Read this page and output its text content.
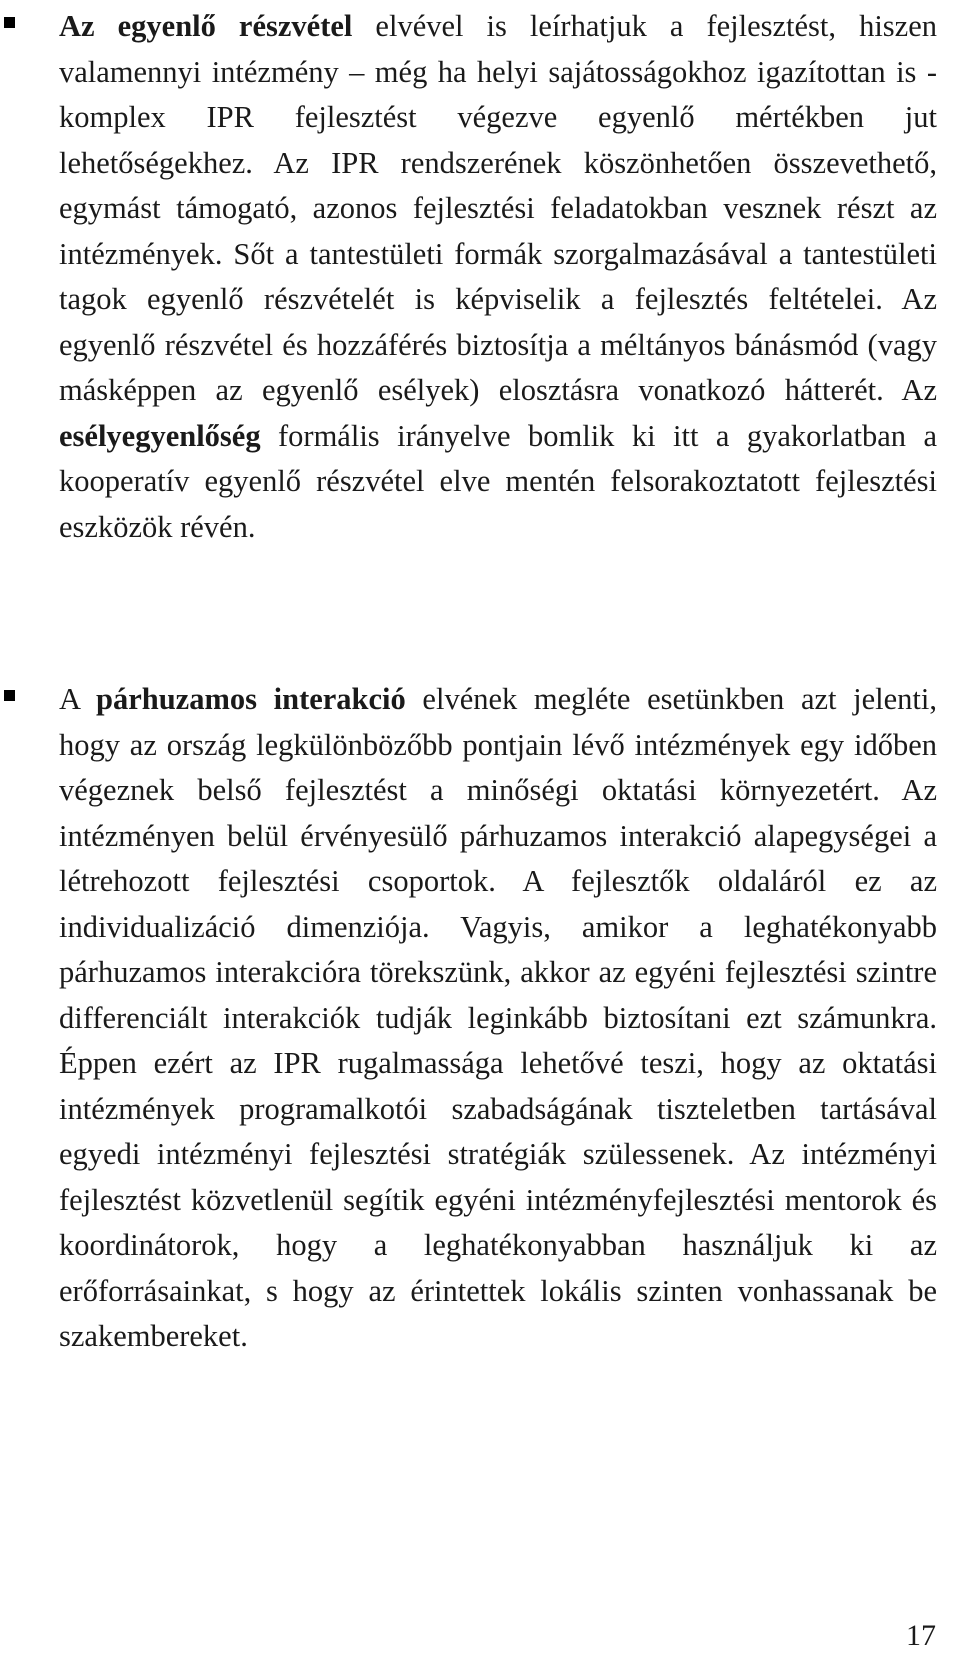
Az egyenlő részvétel elvével is leírhatjuk a fejlesztést, hiszen valamennyi intézmény – még ha helyi sajátosságokhoz igazítottan is - komplex IPR fejlesztést végezve egyenlő mértékben jut lehetőségekhez. Az IPR rendszerének köszönhetően összevethető, egymást támogató, azonos fejlesztési feladatokban vesznek részt az intézmények. Sőt a tantestületi formák szorgalmazásával a tantestületi tagok egyenlő részvételét is képviselik a fejlesztés feltételei. Az egyenlő részvétel és hozzáférés biztosítja a méltányos bánásmód (vagy másképpen az egyenlő esélyek) elosztásra vonatkozó hátterét. Az esélyegyenlőség formális irányelve bomlik ki itt a gyakorlatban a kooperatív egyenlő részvétel elve mentén felsorakoztatott fejlesztési eszközök révén.

A párhuzamos interakció elvének megléte esetünkben azt jelenti, hogy az ország legkülönbözőbb pontjain lévő intézmények egy időben végeznek belső fejlesztést a minőségi oktatási környezetért. Az intézményen belül érvényesülő párhuzamos interakció alapegységei a létrehozott fejlesztési csoportok. A fejlesztők oldaláról ez az individualizáció dimenziója. Vagyis, amikor a leghatékonyabb párhuzamos interakcióra törekszünk, akkor az egyéni fejlesztési szintre differenciált interakciók tudják leginkább biztosítani ezt számunkra. Éppen ezért az IPR rugalmassága lehetővé teszi, hogy az oktatási intézmények programalkotói szabadságának tiszteletben tartásával egyedi intézményi fejlesztési stratégiák szülessenek. Az intézményi fejlesztést közvetlenül segítik egyéni intézményfejlesztési mentorok és koordinátorok, hogy a leghatékonyabban használjuk ki az erőforrásainkat, s hogy az érintettek lokális szinten vonhassanak be szakembereket.

17
